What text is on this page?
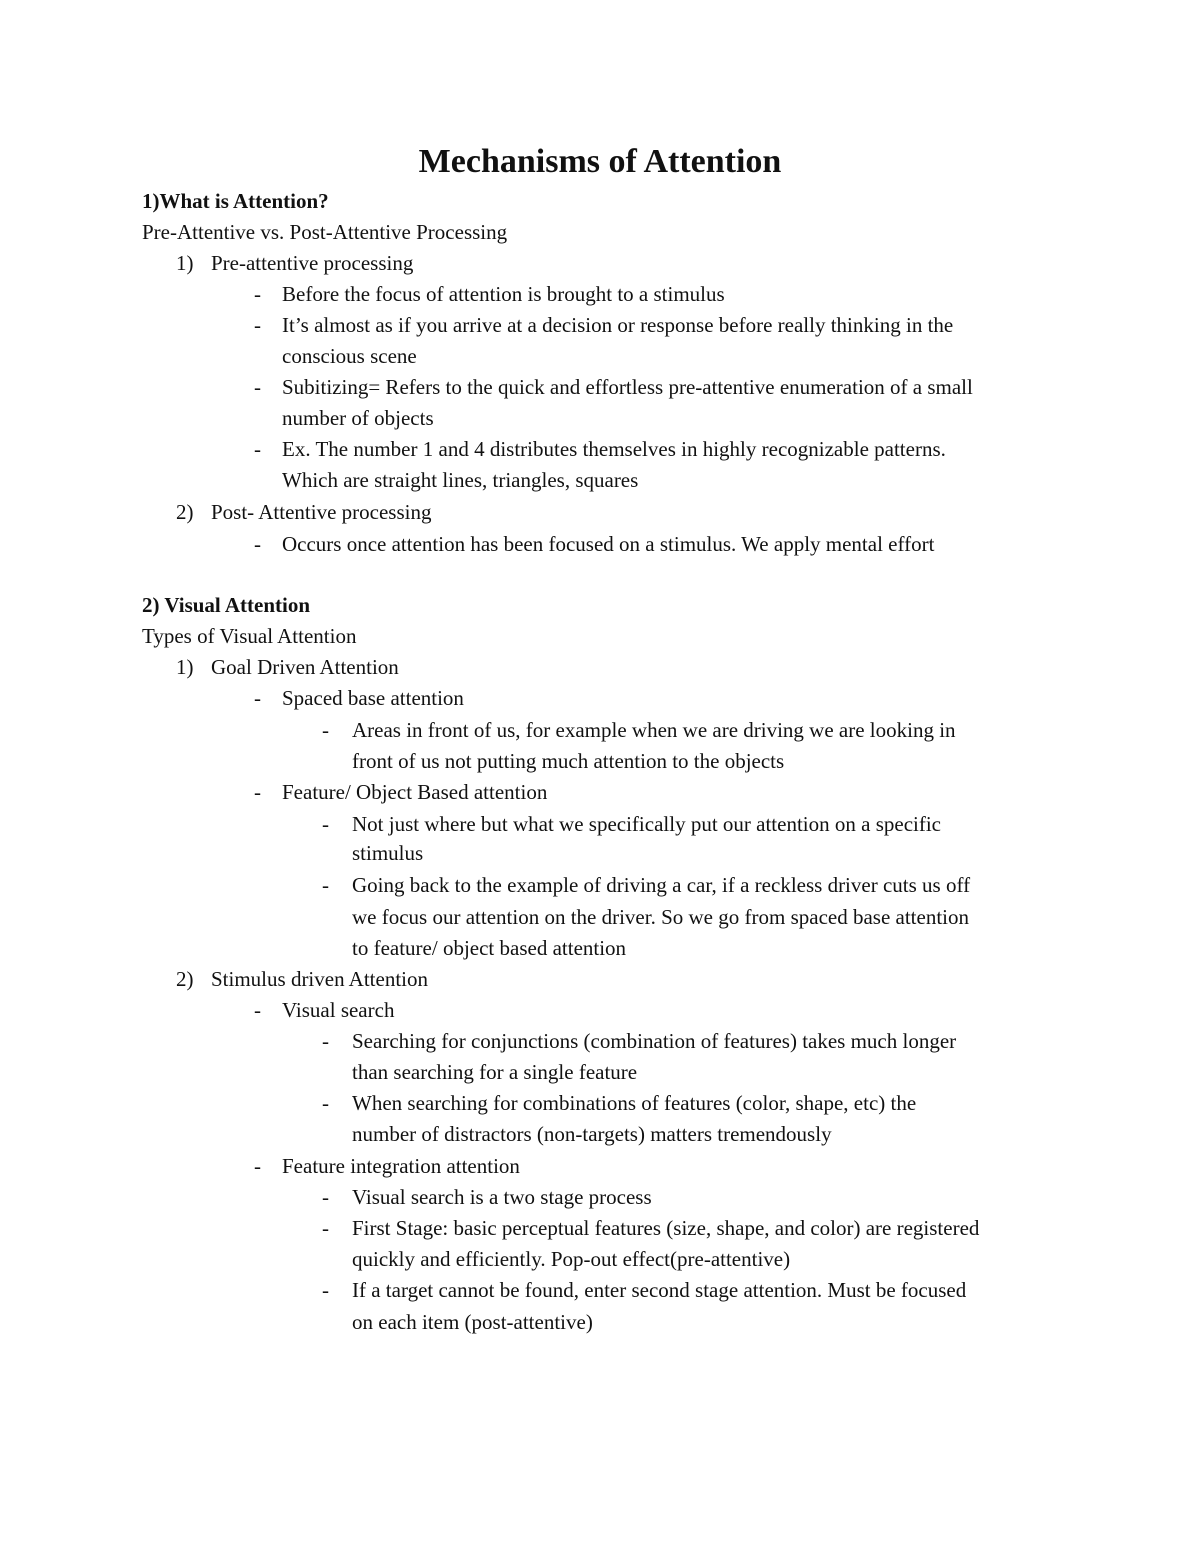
Mechanisms of Attention
1)What is Attention?
Pre-Attentive vs. Post-Attentive Processing
1) Pre-attentive processing
- Before the focus of attention is brought to a stimulus
- It’s almost as if you arrive at a decision or response before really thinking in the
conscious scene
- Subitizing= Refers to the quick and effortless pre-attentive enumeration of a small
number of objects
- Ex. The number 1 and 4 distributes themselves in highly recognizable patterns.
Which are straight lines, triangles, squares
2) Post- Attentive processing
- Occurs once attention has been focused on a stimulus. We apply mental effort
2) Visual Attention
Types of Visual Attention
1) Goal Driven Attention
- Spaced base attention
- Areas in front of us, for example when we are driving we are looking in
front of us not putting much attention to the objects
- Feature/ Object Based attention
- Not just where but what we specifically put our attention on a specific
stimulus
- Going back to the example of driving a car, if a reckless driver cuts us off
we focus our attention on the driver. So we go from spaced base attention
to feature/ object based attention
2) Stimulus driven Attention
- Visual search
- Searching for conjunctions (combination of features) takes much longer
than searching for a single feature
- When searching for combinations of features (color, shape, etc) the
number of distractors (non-targets) matters tremendously
- Feature integration attention
- Visual search is a two stage process
- First Stage: basic perceptual features (size, shape, and color) are registered
quickly and efficiently. Pop-out effect(pre-attentive)
- If a target cannot be found, enter second stage attention. Must be focused
on each item (post-attentive)
